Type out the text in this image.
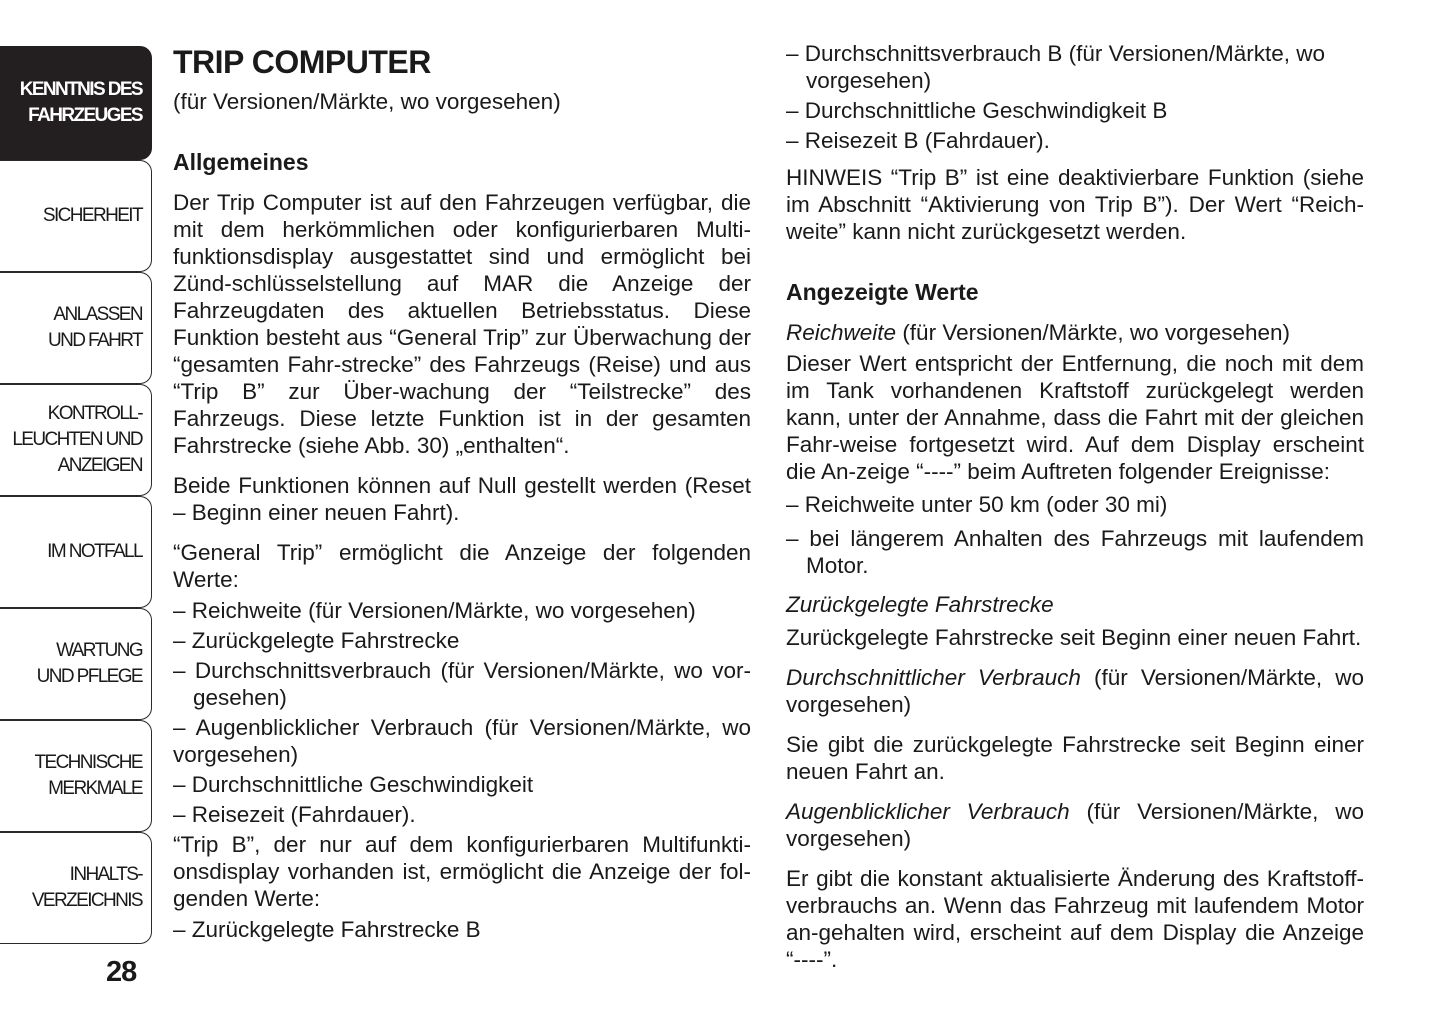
KENNTNIS DES
FAHRZEUGES
SICHERHEIT
ANLASSEN
UND FAHRT
KONTROLL-
LEUCHTEN UND
ANZEIGEN
IM NOTFALL
WARTUNG
UND PFLEGE
TECHNISCHE
MERKMALE
INHALTS-
VERZEICHNIS
28
TRIP COMPUTER
(für Versionen/Märkte, wo vorgesehen)
Allgemeines

Der Trip Computer ist auf den Fahrzeugen verfügbar, die mit dem herkömmlichen oder konfigurierbaren Multi-funktionsdisplay ausgestattet sind und ermöglicht bei Zünd-schlüsselstellung auf MAR die Anzeige der Fahrzeugdaten des aktuellen Betriebsstatus. Diese Funktion besteht aus “General Trip” zur Überwachung der “gesamten Fahr-strecke” des Fahrzeugs (Reise) und aus “Trip B” zur Über-wachung der “Teilstrecke” des Fahrzeugs. Diese letzte Funktion ist in der gesamten Fahrstrecke (siehe Abb. 30) „enthalten“.

Beide Funktionen können auf Null gestellt werden (Reset – Beginn einer neuen Fahrt).

“General Trip” ermöglicht die Anzeige der folgenden Werte:

– Reichweite (für Versionen/Märkte, wo vorgesehen)
– Zurückgelegte Fahrstrecke
– Durchschnittsverbrauch (für Versionen/Märkte, wo vor-gesehen)
– Augenblicklicher Verbrauch (für Versionen/Märkte, wo vorgesehen)
– Durchschnittliche Geschwindigkeit
– Reisezeit (Fahrdauer).

“Trip B”, der nur auf dem konfigurierbaren Multifunkti-onsdisplay vorhanden ist, ermöglicht die Anzeige der fol-genden Werte:

– Zurückgelegte Fahrstrecke B
– Durchschnittsverbrauch B (für Versionen/Märkte, wo vorgesehen)
– Durchschnittliche Geschwindigkeit B
– Reisezeit B (Fahrdauer).

HINWEIS “Trip B” ist eine deaktivierbare Funktion (siehe im Abschnitt “Aktivierung von Trip B”). Der Wert “Reich-weite” kann nicht zurückgesetzt werden.

Angezeigte Werte

Reichweite (für Versionen/Märkte, wo vorgesehen)

Dieser Wert entspricht der Entfernung, die noch mit dem im Tank vorhandenen Kraftstoff zurückgelegt werden kann, unter der Annahme, dass die Fahrt mit der gleichen Fahr-weise fortgesetzt wird. Auf dem Display erscheint die An-zeige “----” beim Auftreten folgender Ereignisse:

– Reichweite unter 50 km (oder 30 mi)
– bei längerem Anhalten des Fahrzeugs mit laufendem Motor.

Zurückgelegte Fahrstrecke

Zurückgelegte Fahrstrecke seit Beginn einer neuen Fahrt.

Durchschnittlicher Verbrauch (für Versionen/Märkte, wo vorgesehen)

Sie gibt die zurückgelegte Fahrstrecke seit Beginn einer neuen Fahrt an.

Augenblicklicher Verbrauch (für Versionen/Märkte, wo vorgesehen)

Er gibt die konstant aktualisierte Änderung des Kraftstoff-verbrauchs an. Wenn das Fahrzeug mit laufendem Motor an-gehalten wird, erscheint auf dem Display die Anzeige “----”.
